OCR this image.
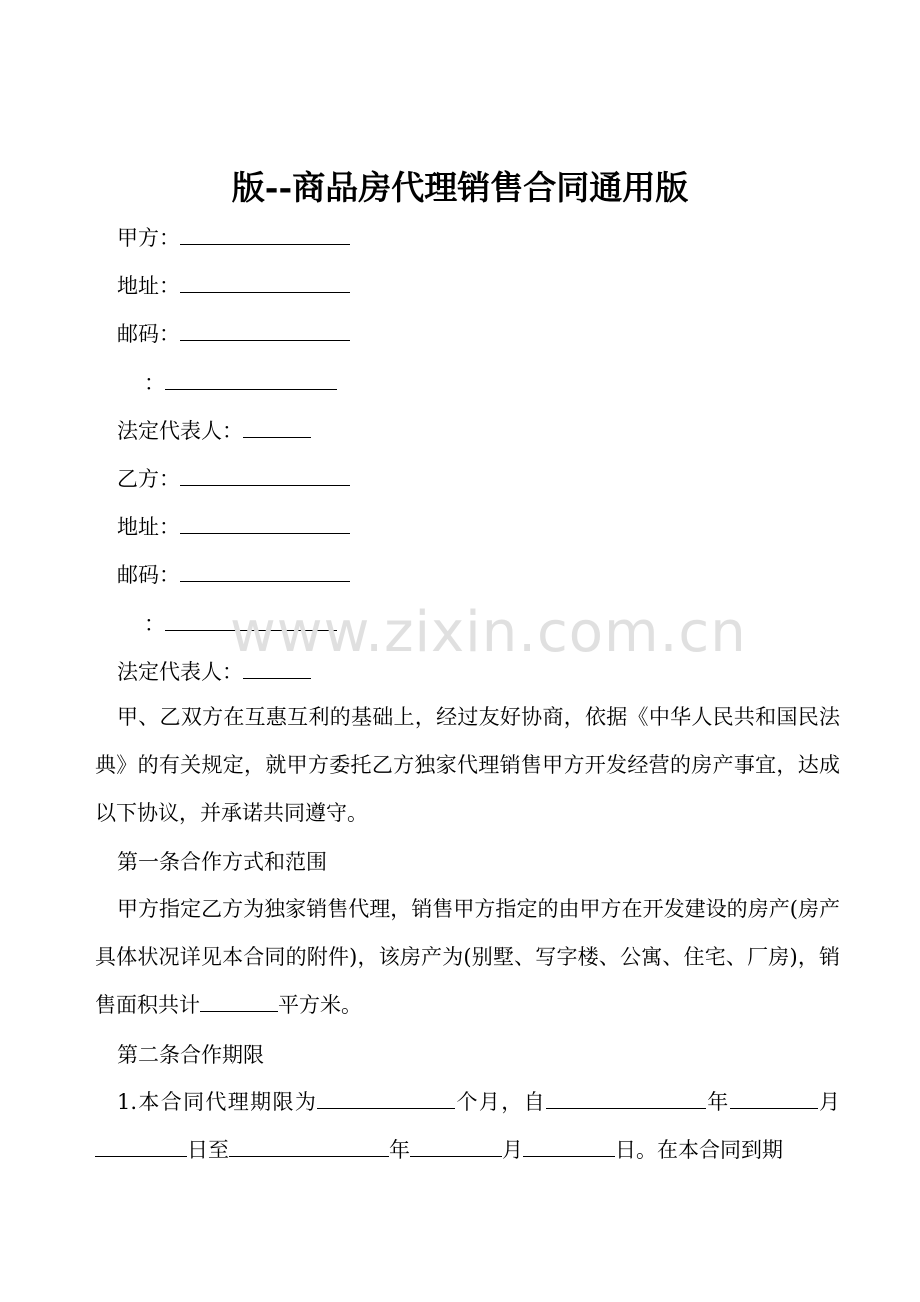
版--商品房代理销售合同通用版
甲方：
地址：
邮码：
：
法定代表人：
乙方：
地址：
邮码：
：
法定代表人：
www.zixin.com.cn

甲、乙双方在互惠互利的基础上，经过友好协商，依据《中华人民共和国民法典》的有关规定，就甲方委托乙方独家代理销售甲方开发经营的房产事宜，达成以下协议，并承诺共同遵守。

第一条合作方式和范围

甲方指定乙方为独家销售代理，销售甲方指定的由甲方在开发建设的房产(房产具体状况详见本合同的附件)，该房产为(别墅、写字楼、公寓、住宅、厂房)，销售面积共计	平方米。

第二条合作期限

1.本合同代理期限为	个月，自	年	月日至	年	月	日。在本合同到期
